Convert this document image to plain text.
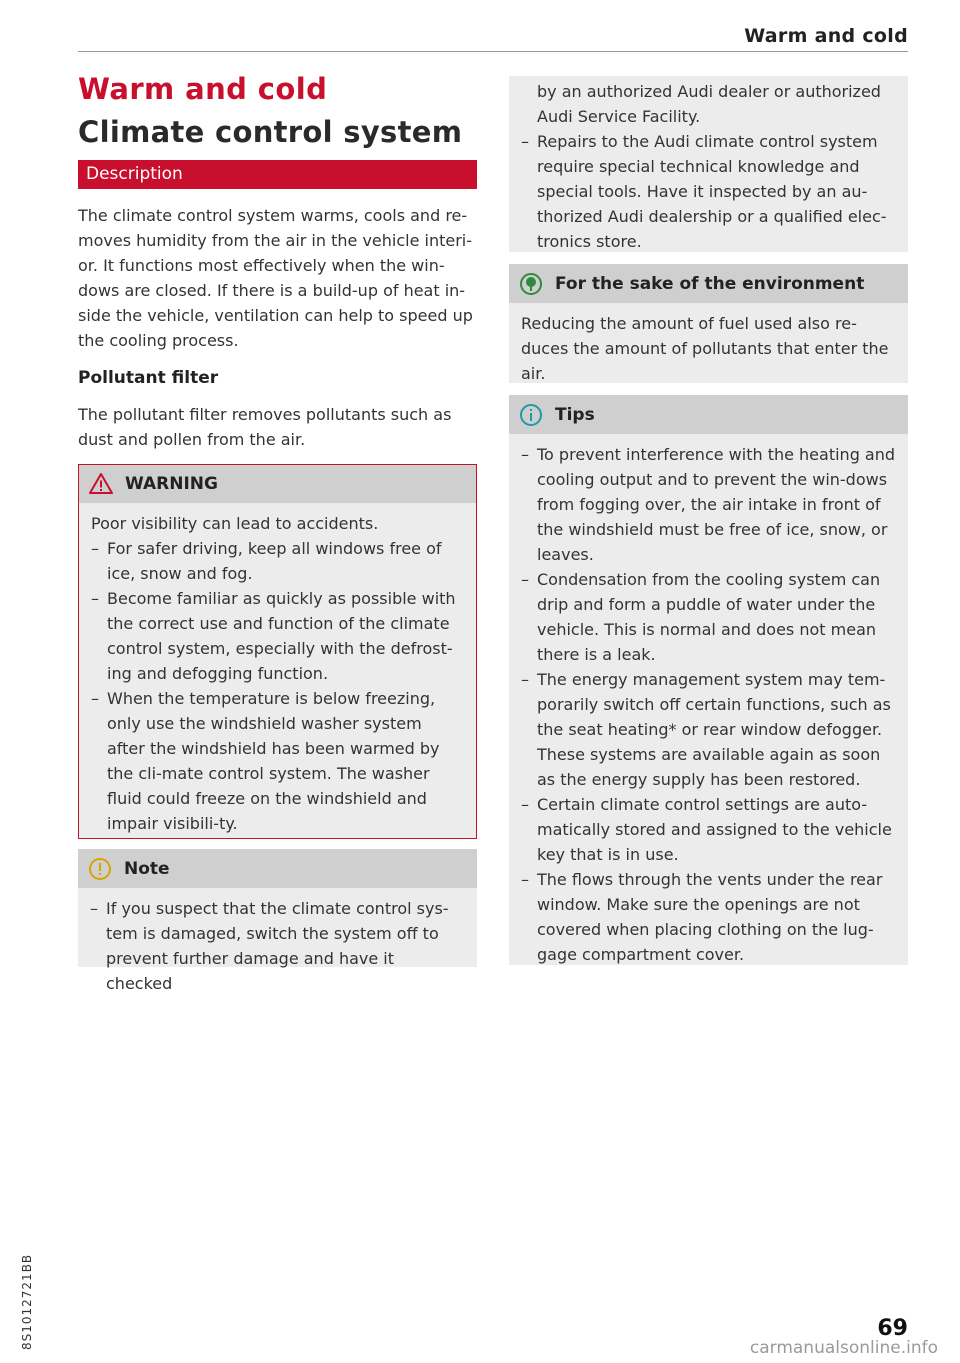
Warm and cold
Warm and cold
Climate control system
Description

The climate control system warms, cools and re-moves humidity from the air in the vehicle interi-or. It functions most effectively when the win-dows are closed. If there is a build-up of heat in-side the vehicle, ventilation can help to speed up the cooling process.

Pollutant filter

The pollutant filter removes pollutants such as dust and pollen from the air.

WARNING

Poor visibility can lead to accidents.

– For safer driving, keep all windows free of ice, snow and fog.
– Become familiar as quickly as possible with the correct use and function of the climate control system, especially with the defrost-ing and defogging function.
– When the temperature is below freezing, only use the windshield washer system after the windshield has been warmed by the cli-mate control system. The washer fluid could freeze on the windshield and impair visibili-ty.
Note
– If you suspect that the climate control sys-tem is damaged, switch the system off to prevent further damage and have it checked

by an authorized Audi dealer or authorized Audi Service Facility.

– Repairs to the Audi climate control system require special technical knowledge and special tools. Have it inspected by an au-thorized Audi dealership or a qualified elec-tronics store.
For the sake of the environment

Reducing the amount of fuel used also re-duces the amount of pollutants that enter the air.

Tips
– To prevent interference with the heating and cooling output and to prevent the win-dows from fogging over, the air intake in front of the windshield must be free of ice, snow, or leaves.
– Condensation from the cooling system can drip and form a puddle of water under the vehicle. This is normal and does not mean there is a leak.
– The energy management system may tem-porarily switch off certain functions, such as the seat heating* or rear window defogger. These systems are available again as soon as the energy supply has been restored.
– Certain climate control settings are auto-matically stored and assigned to the vehicle key that is in use.
– The flows through the vents under the rear window. Make sure the openings are not covered when placing clothing on the lug-gage compartment cover.
8S1012721BB	69
carmanualsonline.info
